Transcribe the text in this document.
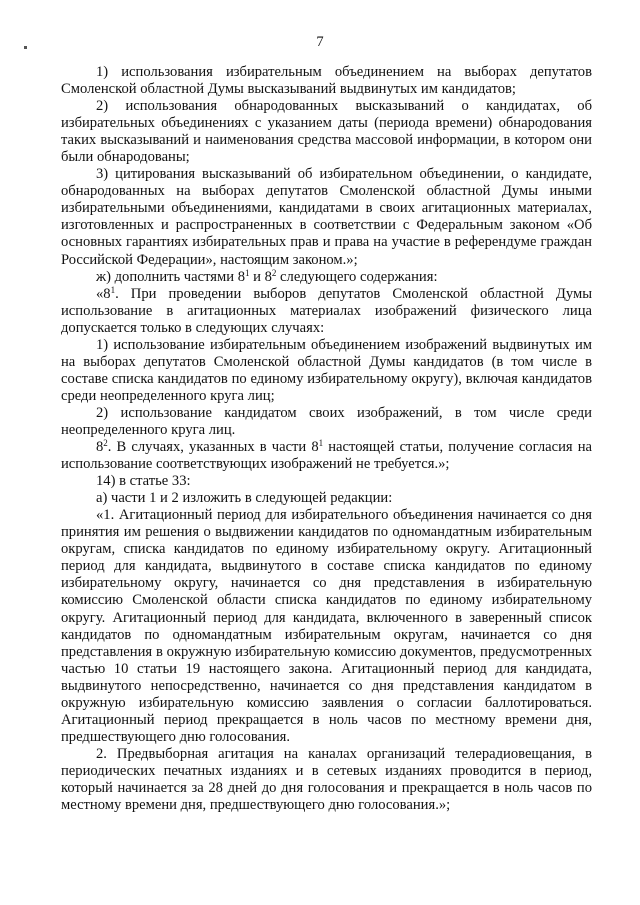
7

1) использования избирательным объединением на выборах депутатов Смоленской областной Думы высказываний выдвинутых им кандидатов;

2) использования обнародованных высказываний о кандидатах, об избирательных объединениях с указанием даты (периода времени) обнародования таких высказываний и наименования средства массовой информации, в котором они были обнародованы;

3) цитирования высказываний об избирательном объединении, о кандидате, обнародованных на выборах депутатов Смоленской областной Думы иными избирательными объединениями, кандидатами в своих агитационных материалах, изготовленных и распространенных в соответствии с Федеральным законом «Об основных гарантиях избирательных прав и права на участие в референдуме граждан Российской Федерации», настоящим законом.»;

ж) дополнить частями $8^1$ и $8^2$ следующего содержания:

«$8^1$. При проведении выборов депутатов Смоленской областной Думы использование в агитационных материалах изображений физического лица допускается только в следующих случаях:

1) использование избирательным объединением изображений выдвинутых им на выборах депутатов Смоленской областной Думы кандидатов (в том числе в составе списка кандидатов по единому избирательному округу), включая кандидатов среди неопределенного круга лиц;

2) использование кандидатом своих изображений, в том числе среди неопределенного круга лиц.

$8^2$. В случаях, указанных в части $8^1$ настоящей статьи, получение согласия на использование соответствующих изображений не требуется.»;

14) в статье 33:

а) части 1 и 2 изложить в следующей редакции:

«1. Агитационный период для избирательного объединения начинается со дня принятия им решения о выдвижении кандидатов по одномандатным избирательным округам, списка кандидатов по единому избирательному округу. Агитационный период для кандидата, выдвинутого в составе списка кандидатов по единому избирательному округу, начинается со дня представления в избирательную комиссию Смоленской области списка кандидатов по единому избирательному округу. Агитационный период для кандидата, включенного в заверенный список кандидатов по одномандатным избирательным округам, начинается со дня представления в окружную избирательную комиссию документов, предусмотренных частью 10 статьи 19 настоящего закона. Агитационный период для кандидата, выдвинутого непосредственно, начинается со дня представления кандидатом в окружную избирательную комиссию заявления о согласии баллотироваться. Агитационный период прекращается в ноль часов по местному времени дня, предшествующего дню голосования.

2. Предвыборная агитация на каналах организаций телерадиовещания, в периодических печатных изданиях и в сетевых изданиях проводится в период, который начинается за 28 дней до дня голосования и прекращается в ноль часов по местному времени дня, предшествующего дню голосования.»;
